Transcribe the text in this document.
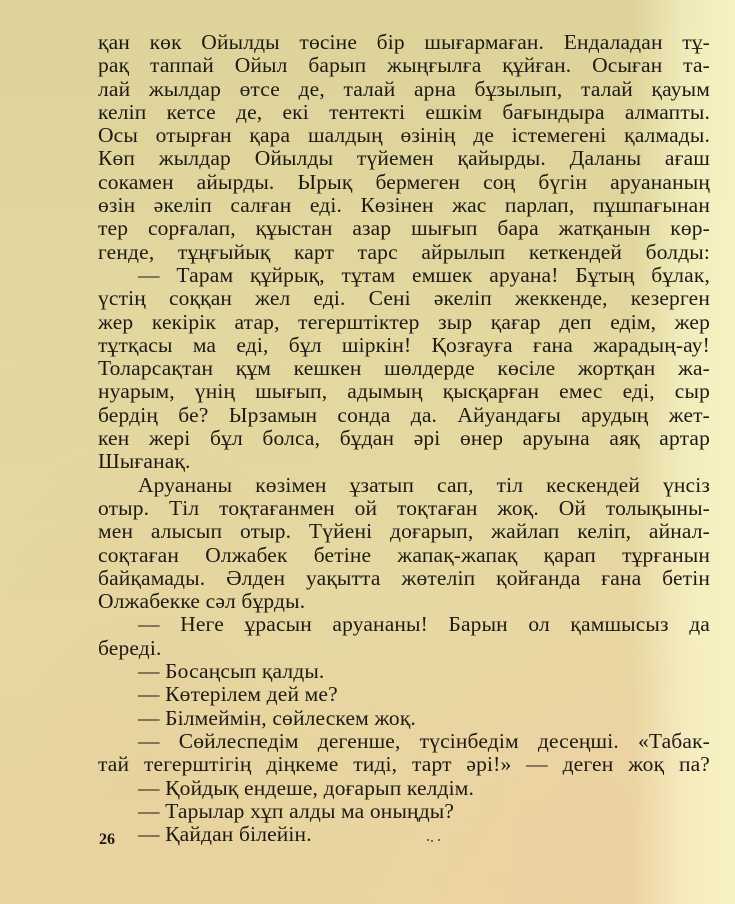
қан көк Ойылды төсіне бір шығармаған. Ендаладан тұ-
рақ таппай Ойыл барып жыңғылға құйған. Осыған та-
лай жылдар өтсе де, талай арна бұзылып, талай қауым
келіп кетсе де, екі тентекті ешкім бағындыра алмапты.
Осы отырған қара шалдың өзінің де істемегені қалмады.
Көп жылдар Ойылды түйемен қайырды. Даланы ағаш
сокамен айырды. Ырық бермеген соң бүгін аруананың
өзін әкеліп салған еді. Көзінен жас парлап, пұшпағынан
тер сорғалап, құыстан азар шығып бара жатқанын көр-
генде, тұңғыйық карт тарс айрылып кеткендей болды:
— Тарам құйрық, тұтам емшек аруана! Бұтың бұлак,
үстің соққан жел еді. Сені әкеліп жеккенде, кезерген
жер кекірік атар, тегерштіктер зыр қағар деп едім, жер
тұтқасы ма еді, бұл шіркін! Қозғауға ғана жарадың-ау!
Толарсақтан құм кешкен шөлдерде көсіле жортқан жа-
нуарым, үнің шығып, адымың қысқарған емес еді, сыр
бердің бе? Ырзамын сонда да. Айуандағы арудың жет-
кен жері бұл болса, бұдан әрі өнер аруына аяқ артар
Шығанақ.
Аруананы көзімен ұзатып сап, тіл кескендей үнсіз
отыр. Тіл тоқтағанмен ой тоқтаған жоқ. Ой толықыны-
мен алысып отыр. Түйені доғарып, жайлап келіп, айнал-
соқтаған Олжабек бетіне жапақ-жапақ қарап тұрғанын
байқамады. Әлден уақытта жөтеліп қойғанда ғана бетін
Олжабекке сәл бұрды.
— Неге ұрасын аруананы! Барын ол қамшысыз да
береді.
— Босаңсып қалды.
— Көтерілем дей ме?
— Білмеймін, сөйлескем жоқ.
— Сөйлеспедім дегенше, түсінбедім десеңші. «Табак-
тай тегерштігің діңкеме тиді, тарт әрі!» — деген жоқ па?
— Қойдық ендеше, доғарып келдім.
— Тарылар хұп алды ма оныңды?
— Қайдан білейін.
26
